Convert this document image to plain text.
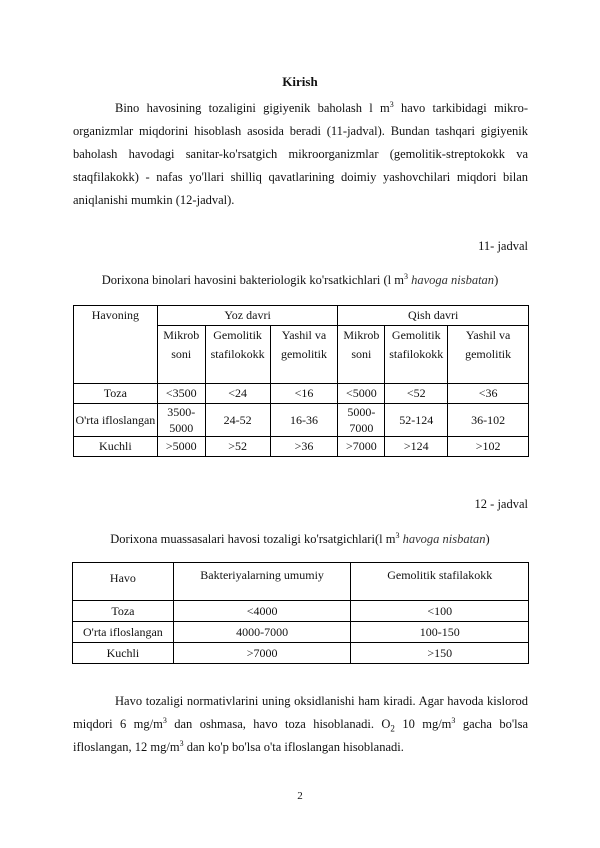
Kirish

Bino havosining tozaligini gigiyenik baholash l $m^3$ havo tarkibidagi mikro-organizmlar miqdorini hisoblash asosida beradi (11-jadval). Bundan tashqari gigiyenik baholash havodagi sanitar-ko'rsatgich mikroorganizmlar (gemolitik-streptokokk va staqfilakokk) - nafas yo'llari shilliq qavatlarining doimiy yashovchilari miqdori bilan aniqlanishi mumkin (12-jadval).

11- jadval
Dorixona binolari havosini bakteriologik ko'rsatkichlari (l $m^3$ havoga nisbatan)
Havoning	Yoz davri			Qish davri		
	Mikrob soni	Gemolitik stafilokokk	Yashil va gemolitik	Mikrob soni	Gemolitik stafilokokk	Yashil va gemolitik
Toza	<3500	<24	<16	<5000	<52	<36
O'rta ifloslangan	3500-5000	24-52	16-36	5000-7000	52-124	36-102
Kuchli	>5000	>52	>36	>7000	>124	>102
12 - jadval
Dorixona muassasalari havosi tozaligi ko'rsatgichlari(l $m^3$ havoga nisbatan)
Havo	Bakteriyalarning umumiy	Gemolitik stafilakokk
Toza	<4000	<100
O'rta ifloslangan	4000-7000	100-150
Kuchli	>7000	>150

Havo tozaligi normativlarini uning oksidlanishi ham kiradi. Agar havoda kislorod miqdori 6 $mg/m^3$ dan oshmasa, havo toza hisoblanadi. $O_2$ 10 $mg/m^3$ gacha bo'lsa ifloslangan, 12 $mg/m^3$ dan ko'p bo'lsa o'ta ifloslangan hisoblanadi.

2
